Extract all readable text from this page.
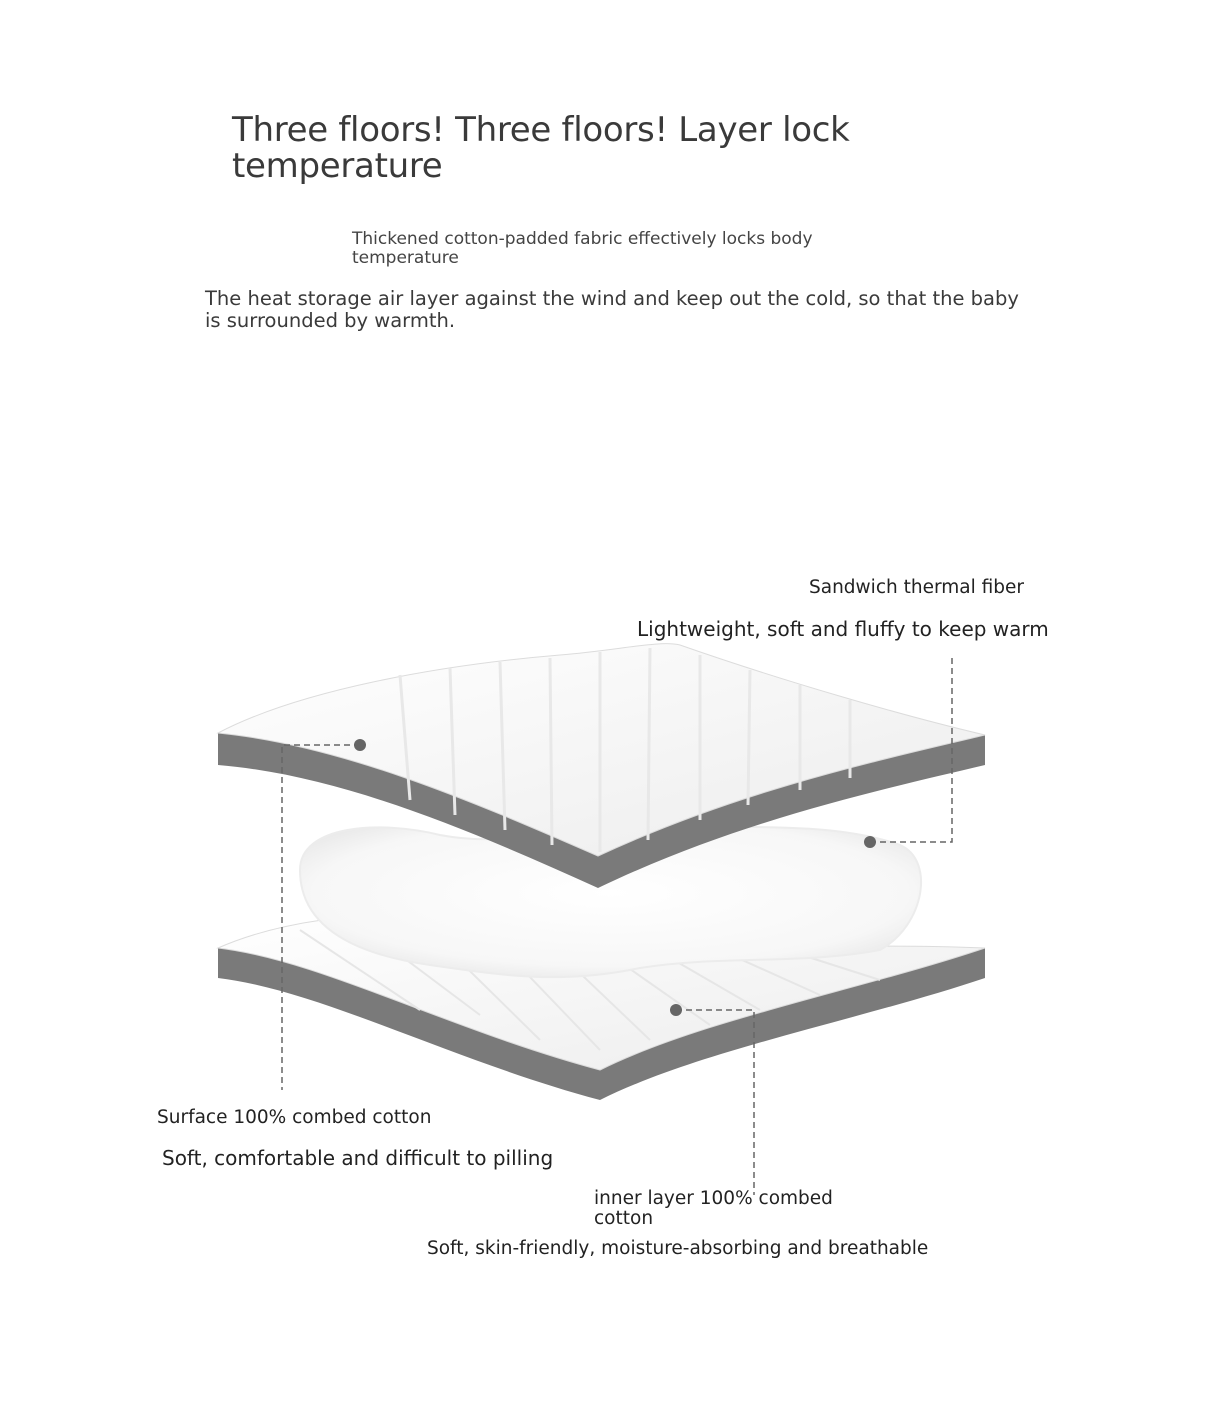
Three floors! Three floors! Layer lock temperature
Thickened cotton-padded fabric effectively locks body temperature
The heat storage air layer against the wind and keep out the cold, so that the baby is surrounded by warmth.
Sandwich thermal fiber
Lightweight, soft and fluffy to keep warm
Surface 100% combed cotton
Soft, comfortable and difficult to pilling
inner layer 100% combed cotton
Soft, skin-friendly, moisture-absorbing and breathable
